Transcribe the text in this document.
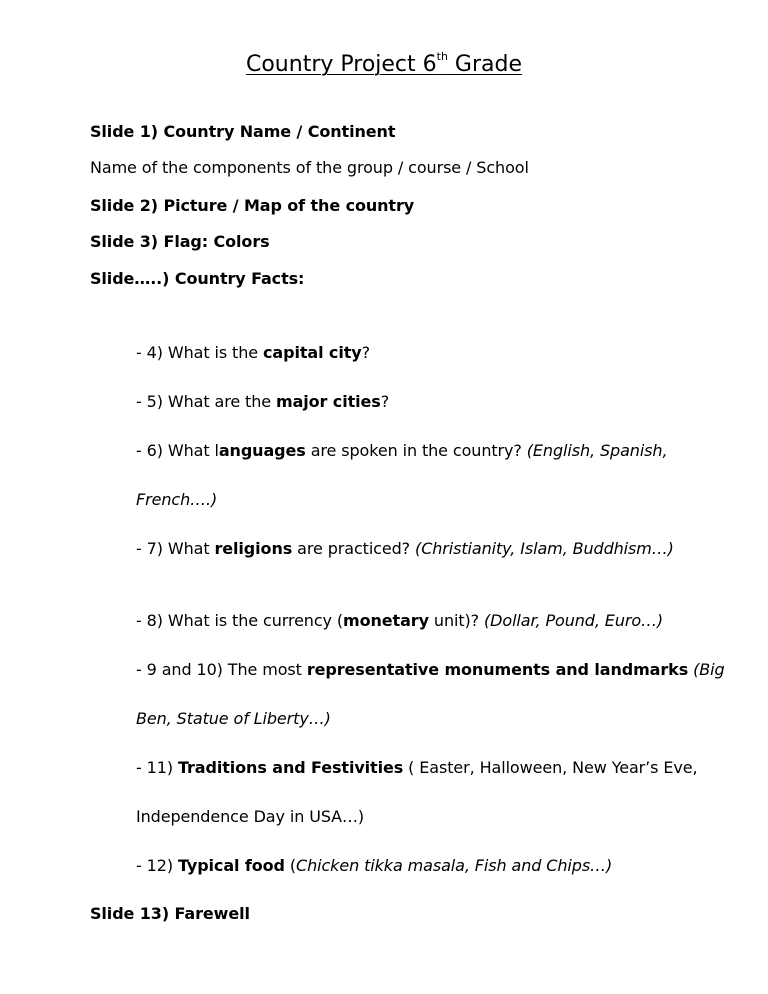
Country Project 6th Grade
Slide 1) Country Name / Continent
Name of the components of the group / course / School
Slide 2) Picture / Map of the country
Slide 3) Flag: Colors
Slide…..) Country Facts:
- 4) What is the capital city?
- 5) What are the major cities?
- 6) What languages are spoken in the country? (English, Spanish,
French….)
- 7) What religions are practiced? (Christianity, Islam, Buddhism…)
- 8) What is the currency (monetary unit)? (Dollar, Pound, Euro…)
- 9 and 10) The most representative monuments and landmarks (Big
Ben, Statue of Liberty…)
- 11) Traditions and Festivities ( Easter, Halloween, New Year’s Eve,
Independence Day in USA…)
- 12) Typical food (Chicken tikka masala, Fish and Chips…)
Slide 13) Farewell
